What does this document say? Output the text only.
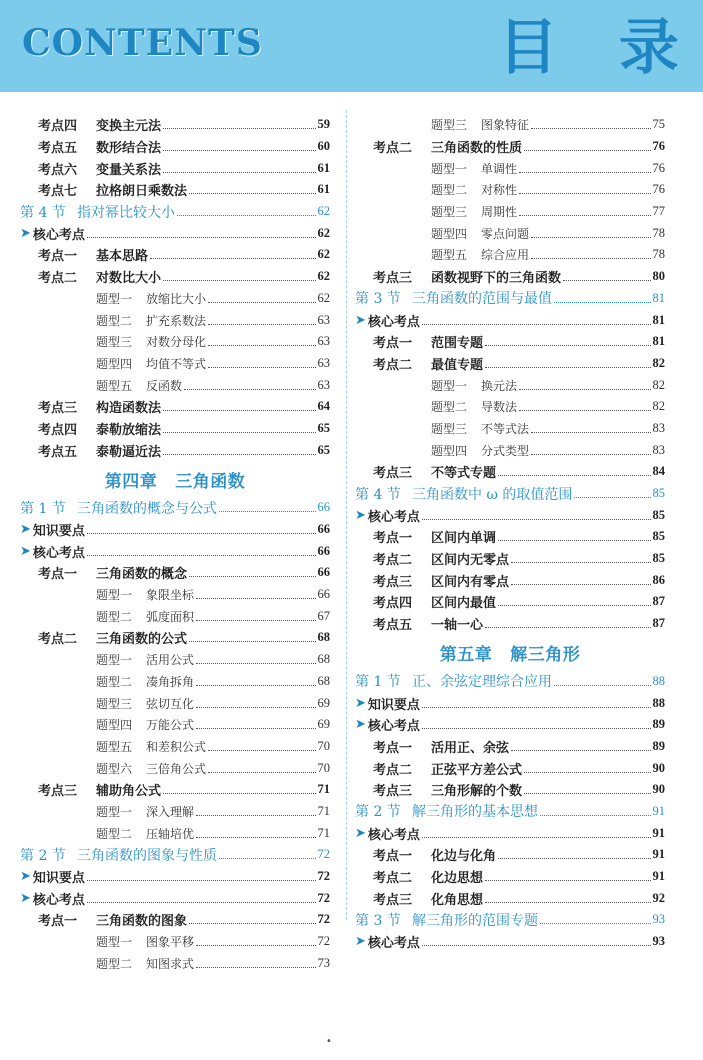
CONTENTS	目 录
考点四	变换主元法	59
考点五	数形结合法	60
考点六	变量关系法	61
考点七	拉格朗日乘数法	61
第 4 节 指对幂比较大小	62
➤ 核心考点	62
考点一	基本思路	62
考点二	对数比大小	62
题型一	放缩比大小	62
题型二	扩充系数法	63
题型三	对数分母化	63
题型四	均值不等式	63
题型五	反函数	63
考点三	构造函数法	64
考点四	泰勒放缩法	65
考点五	泰勒逼近法	65
第四章 三角函数
第 1 节 三角函数的概念与公式	66
➤ 知识要点	66
➤ 核心考点	66
考点一	三角函数的概念	66
题型一	象限坐标	66
题型二	弧度面积	67
考点二	三角函数的公式	68
题型一	活用公式	68
题型二	凑角拆角	68
题型三	弦切互化	69
题型四	万能公式	69
题型五	和差积公式	70
题型六	三倍角公式	70
考点三	辅助角公式	71
题型一	深入理解	71
题型二	压轴培优	71
第 2 节 三角函数的图象与性质	72
➤ 知识要点	72
➤ 核心考点	72
考点一	三角函数的图象	72
题型一	图象平移	72
题型二	知图求式	73
题型三	图象特征	75
考点二	三角函数的性质	76
题型一	单调性	76
题型二	对称性	76
题型三	周期性	77
题型四	零点问题	78
题型五	综合应用	78
考点三	函数视野下的三角函数	80
第 3 节 三角函数的范围与最值	81
➤ 核心考点	81
考点一	范围专题	81
考点二	最值专题	82
题型一	换元法	82
题型二	导数法	82
题型三	不等式法	83
题型四	分式类型	83
考点三	不等式专题	84
第 4 节 三角函数中 ω 的取值范围	85
➤ 核心考点	85
考点一	区间内单调	85
考点二	区间内无零点	85
考点三	区间内有零点	86
考点四	区间内最值	87
考点五	一轴一心	87
第五章 解三角形
第 1 节 正、余弦定理综合应用	88
➤ 知识要点	88
➤ 核心考点	89
考点一	活用正、余弦	89
考点二	正弦平方差公式	90
考点三	三角形解的个数	90
第 2 节 解三角形的基本思想	91
➤ 核心考点	91
考点一	化边与化角	91
考点二	化边思想	91
考点三	化角思想	92
第 3 节 解三角形的范围专题	93
➤ 核心考点	93
•
